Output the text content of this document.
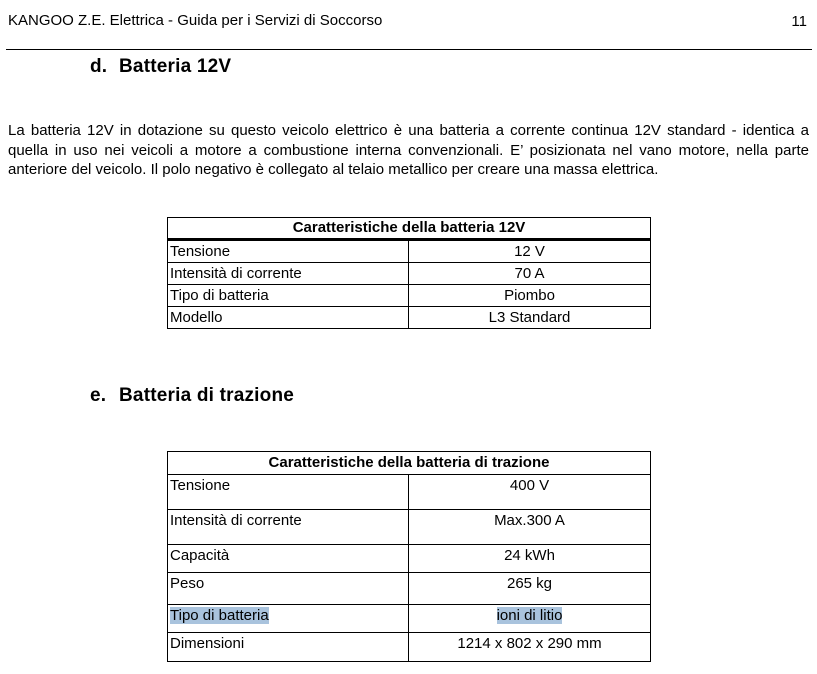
KANGOO Z.E. Elettrica - Guida per i Servizi di Soccorso	11
d. Batteria 12V
La batteria 12V in dotazione su questo veicolo elettrico è una batteria a corrente continua 12V standard - identica a quella in uso nei veicoli a motore a combustione interna convenzionali. E’ posizionata nel vano motore, nella parte anteriore del veicolo. Il polo negativo è collegato al telaio metallico per creare una massa elettrica.
Caratteristiche della batteria 12V	
Tensione	12 V
Intensità di corrente	70 A
Tipo di batteria	Piombo
Modello	L3 Standard
e. Batteria di trazione
Caratteristiche della batteria di trazione	
Tensione	400 V
Intensità di corrente	Max.300 A
Capacità	24 kWh
Peso	265 kg
Tipo di batteria	ioni di litio
Dimensioni	1214 x 802 x 290 mm
